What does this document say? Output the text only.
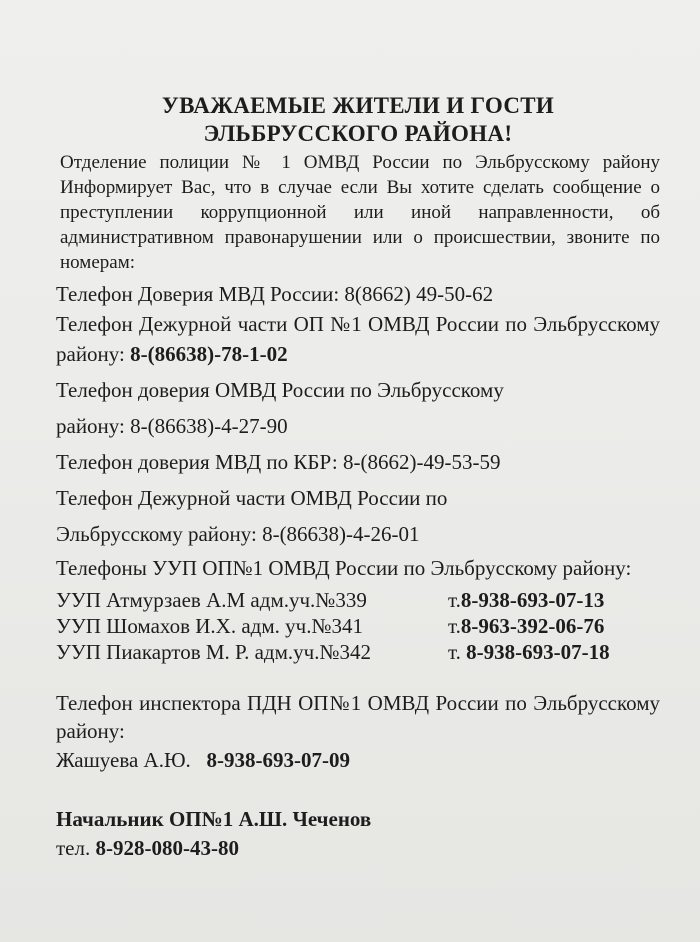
УВАЖАЕМЫЕ ЖИТЕЛИ И ГОСТИ
ЭЛЬБРУССКОГО РАЙОНА!

Отделение полиции № 1 ОМВД России по Эльбрусскому району Информирует Вас, что в случае если Вы хотите сделать сообщение о преступлении коррупционной или иной направленности, об административном правонарушении или о происшествии, звоните по номерам:

Телефон Доверия МВД России: 8(8662) 49-50-62

Телефон Дежурной части ОП №1 ОМВД России по Эльбрусскому району: 8-(86638)-78-1-02

Телефон доверия ОМВД России по Эльбрусскому

району: 8-(86638)-4-27-90

Телефон доверия МВД по КБР: 8-(8662)-49-53-59

Телефон Дежурной части ОМВД России по

Эльбрусскому району: 8-(86638)-4-26-01

Телефоны УУП ОП№1 ОМВД России по Эльбрусскому району:

УУП Атмурзаев А.М адм.уч.№339	т.8-938-693-07-13
УУП Шомахов И.Х. адм. уч.№341	т.8-963-392-06-76
УУП Пиакартов М. Р. адм.уч.№342	т. 8-938-693-07-18

Телефон инспектора ПДН ОП№1 ОМВД России по Эльбрусскому району:

Жашуева А.Ю. 8-938-693-07-09

Начальник ОП№1 А.Ш. Чеченов

тел. 8-928-080-43-80
